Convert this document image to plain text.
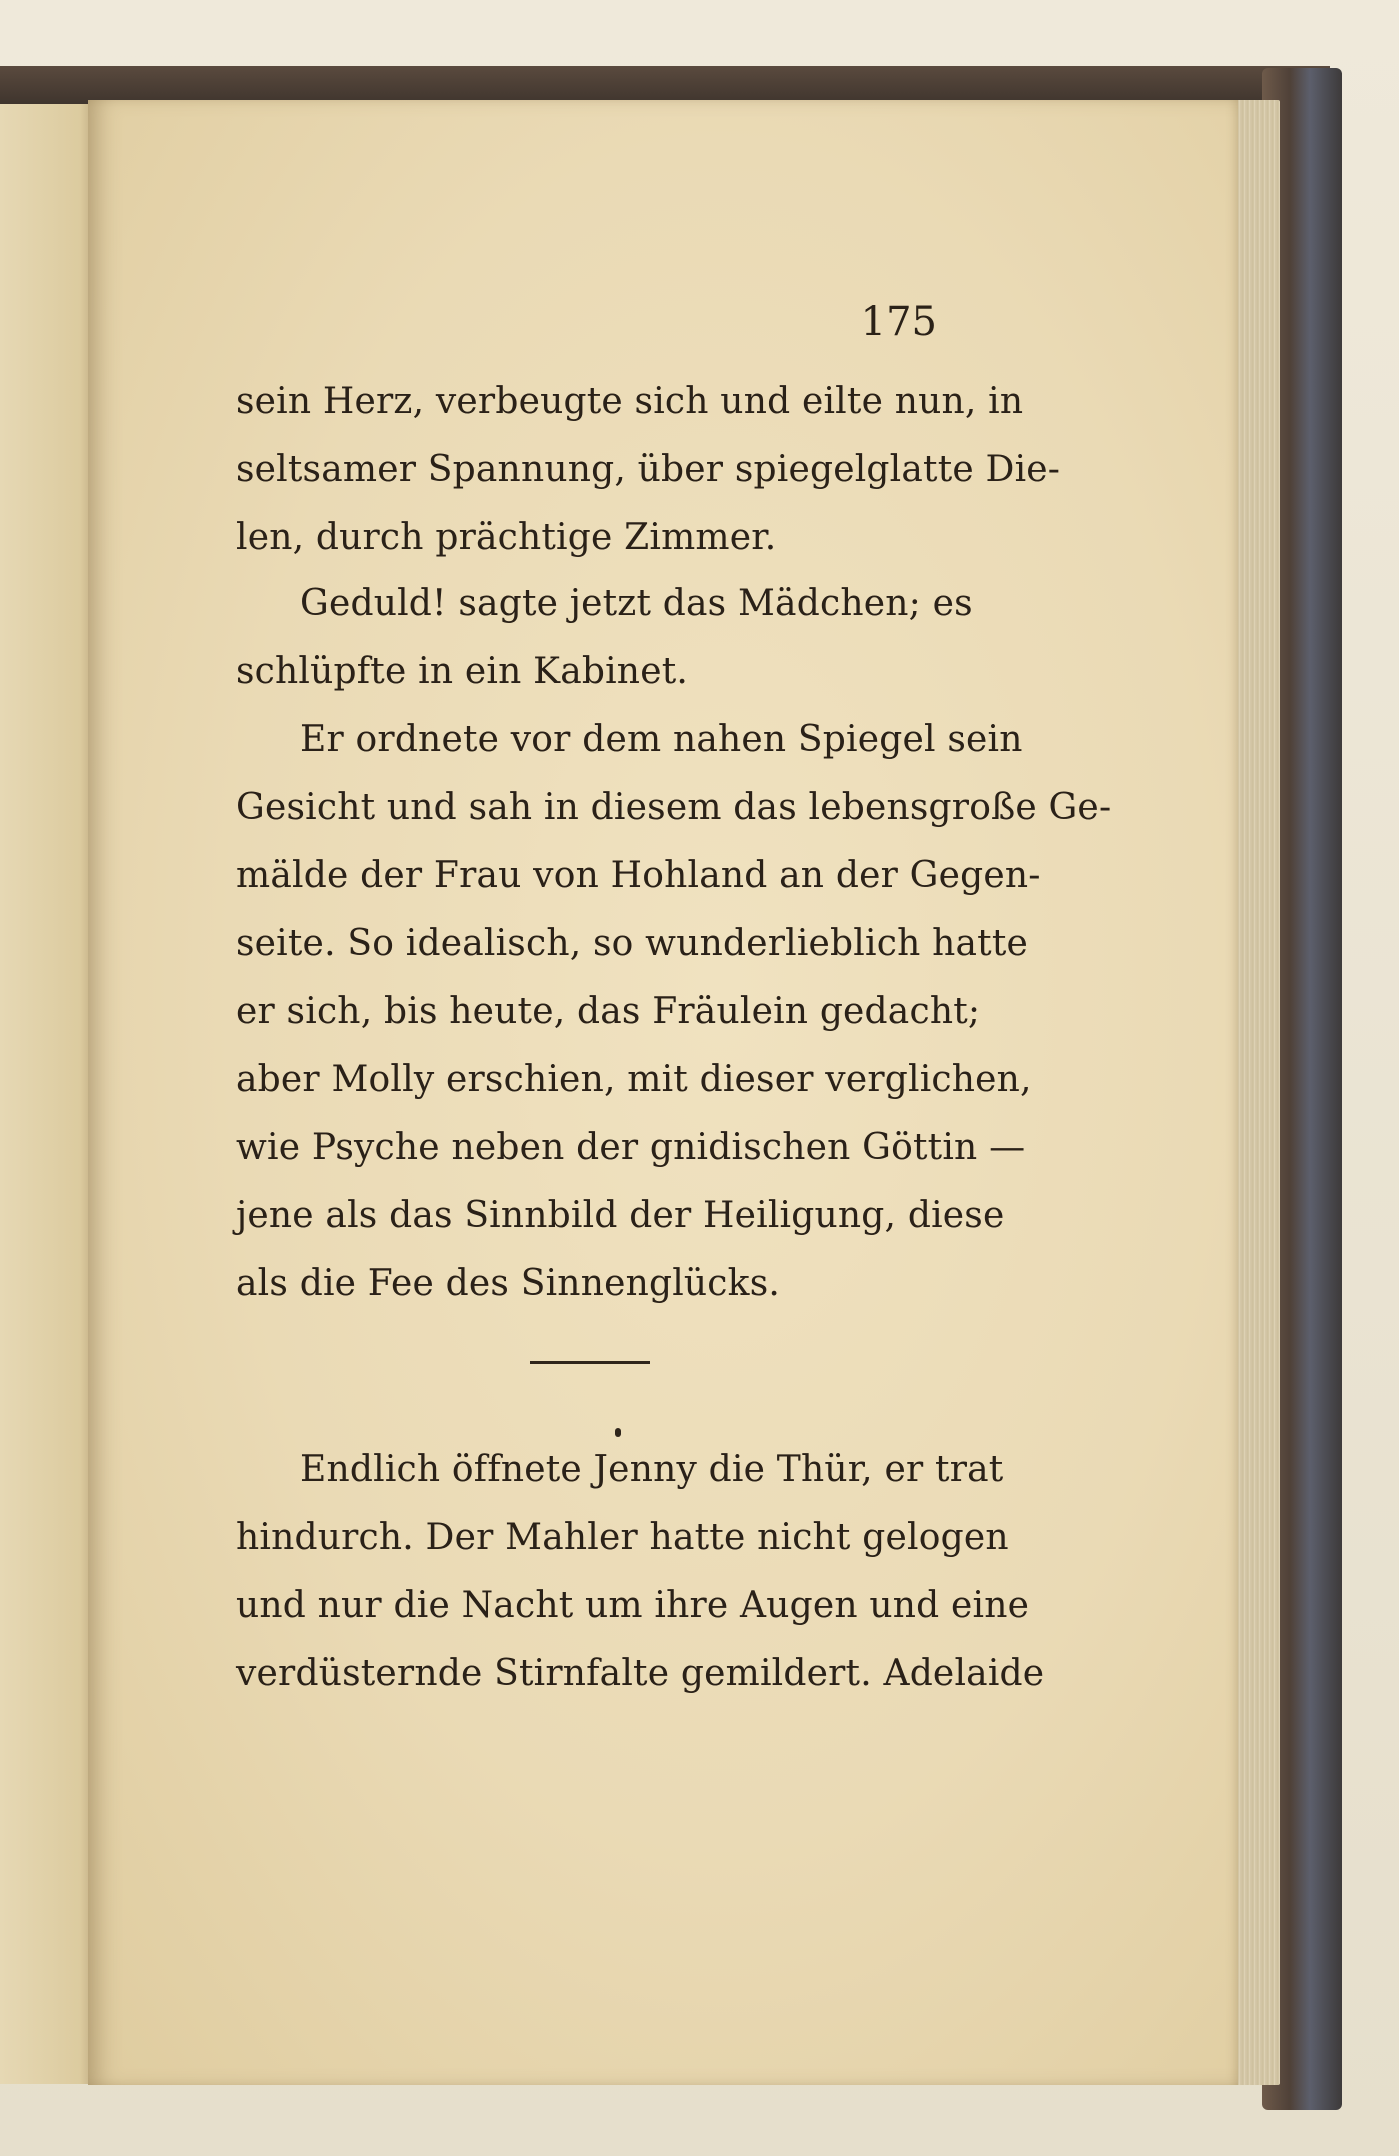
175
sein Herz, verbeugte sich und eilte nun, in
seltsamer Spannung, über spiegelglatte Die-
len, durch prächtige Zimmer.
Geduld! sagte jetzt das Mädchen; es
schlüpfte in ein Kabinet.
Er ordnete vor dem nahen Spiegel sein
Gesicht und sah in diesem das lebensgroße Ge-
mälde der Frau von Hohland an der Gegen-
seite. So idealisch, so wunderlieblich hatte
er sich, bis heute, das Fräulein gedacht;
aber Molly erschien, mit dieser verglichen,
wie Psyche neben der gnidischen Göttin —
jene als das Sinnbild der Heiligung, diese
als die Fee des Sinnenglücks.
Endlich öffnete Jenny die Thür, er trat
hindurch. Der Mahler hatte nicht gelogen
und nur die Nacht um ihre Augen und eine
verdüsternde Stirnfalte gemildert. Adelaide
